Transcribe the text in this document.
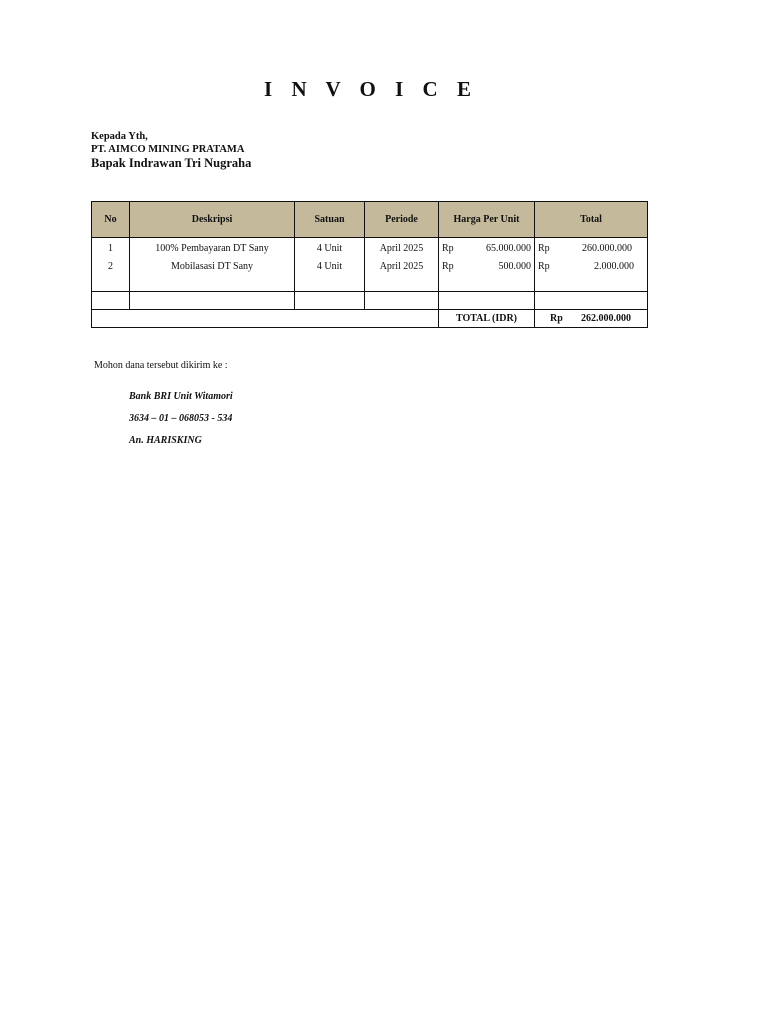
I N V O I C E
Kepada Yth,
PT. AIMCO MINING PRATAMA
Bapak Indrawan Tri Nugraha
No	Deskripsi	Satuan	Periode	Harga Per Unit	Total
1	100% Pembayaran DT Sany	4 Unit	April 2025	Rp 65.000.000	Rp 260.000.000

2	Mobilasasi DT Sany	4 Unit	April 2025	Rp 500.000	Rp 2.000.000

				TOTAL (IDR)	Rp 262.000.000
Mohon dana tersebut dikirim ke :
Bank BRI Unit Witamori
3634 – 01 – 068053 - 534
An. HARISKING
